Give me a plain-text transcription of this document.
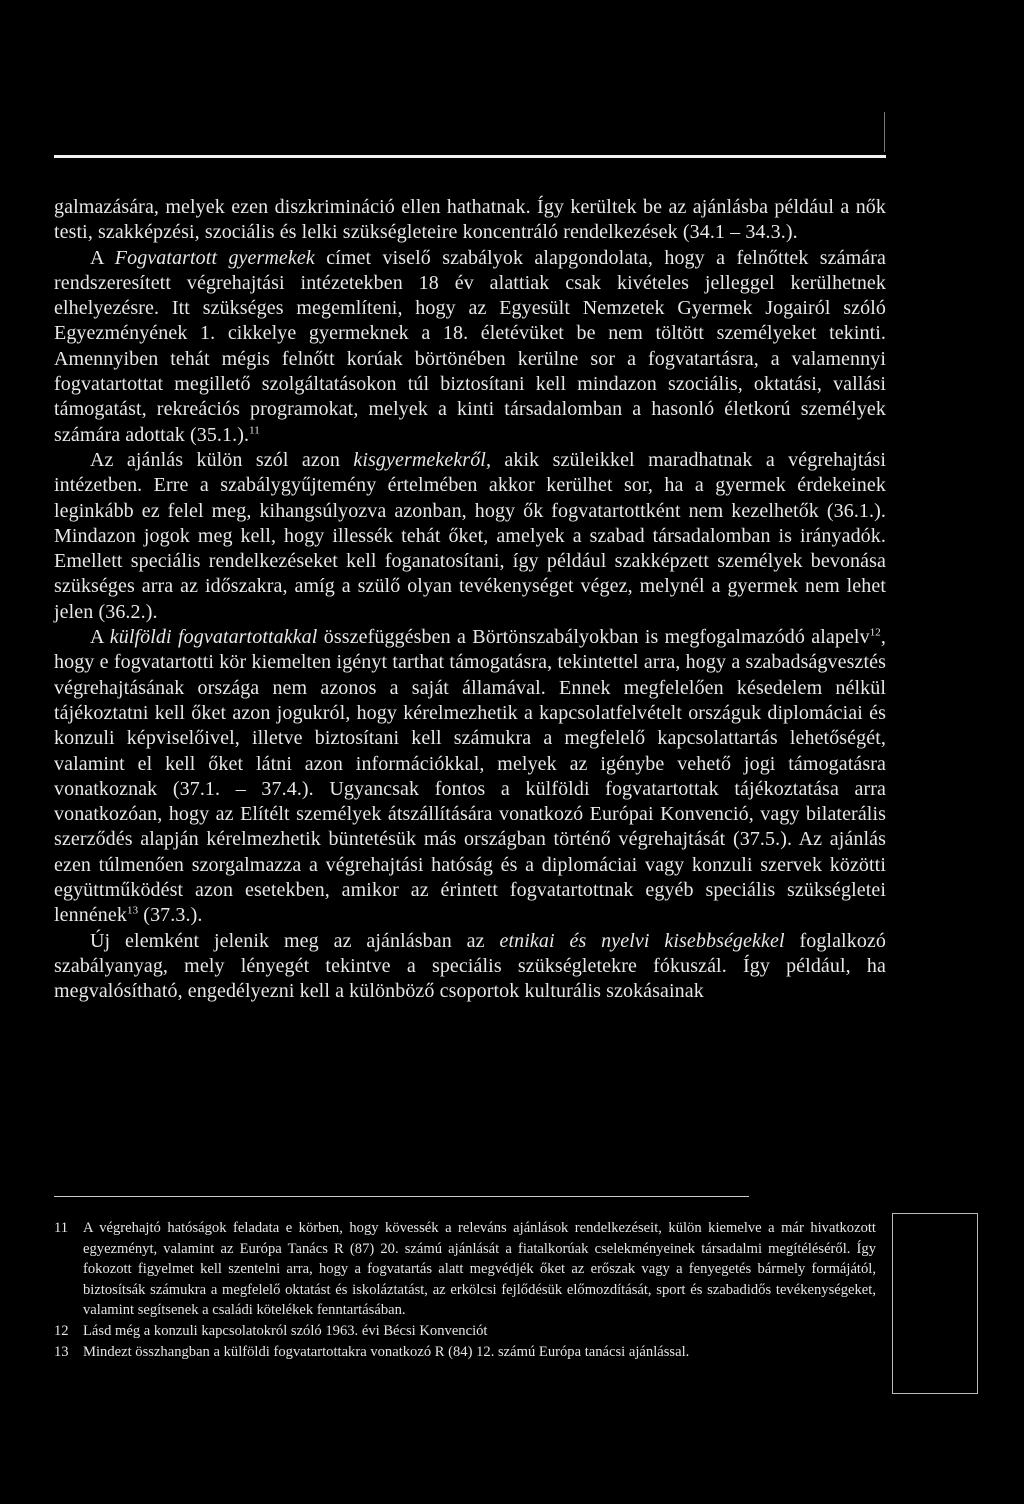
galmazására, melyek ezen diszkrimináció ellen hathatnak. Így kerültek be az ajánlásba például a nők testi, szakképzési, szociális és lelki szükségleteire koncentráló rendelkezések (34.1 – 34.3.).

A Fogvatartott gyermekek címet viselő szabályok alapgondolata, hogy a felnőttek számára rendszeresített végrehajtási intézetekben 18 év alattiak csak kivételes jelleggel kerülhetnek elhelyezésre. Itt szükséges megemlíteni, hogy az Egyesült Nemzetek Gyermek Jogairól szóló Egyezményének 1. cikkelye gyermeknek a 18. életévüket be nem töltött személyeket tekinti. Amennyiben tehát mégis felnőtt korúak börtönében kerülne sor a fogvatartásra, a valamennyi fogvatartottat megillető szolgáltatásokon túl biztosítani kell mindazon szociális, oktatási, vallási támogatást, rekreációs programokat, melyek a kinti társadalomban a hasonló életkorú személyek számára adottak (35.1.).$^{11}$

Az ajánlás külön szól azon kisgyermekekről, akik szüleikkel maradhatnak a végrehajtási intézetben. Erre a szabálygyűjtemény értelmében akkor kerülhet sor, ha a gyermek érdekeinek leginkább ez felel meg, kihangsúlyozva azonban, hogy ők fogvatartottként nem kezelhetők (36.1.). Mindazon jogok meg kell, hogy illessék tehát őket, amelyek a szabad társadalomban is irányadók. Emellett speciális rendelkezéseket kell foganatosítani, így például szakképzett személyek bevonása szükséges arra az időszakra, amíg a szülő olyan tevékenységet végez, melynél a gyermek nem lehet jelen (36.2.).

A külföldi fogvatartottakkal összefüggésben a Börtönszabályokban is megfogalmazódó alapelv$^{12}$, hogy e fogvatartotti kör kiemelten igényt tarthat támogatásra, tekintettel arra, hogy a szabadságvesztés végrehajtásának országa nem azonos a saját államával. Ennek megfelelően késedelem nélkül tájékoztatni kell őket azon jogukról, hogy kérelmezhetik a kapcsolatfelvételt országuk diplomáciai és konzuli képviselőivel, illetve biztosítani kell számukra a megfelelő kapcsolattartás lehetőségét, valamint el kell őket látni azon információkkal, melyek az igénybe vehető jogi támogatásra vonatkoznak (37.1. – 37.4.). Ugyancsak fontos a külföldi fogvatartottak tájékoztatása arra vonatkozóan, hogy az Elítélt személyek átszállítására vonatkozó Európai Konvenció, vagy bilaterális szerződés alapján kérelmezhetik büntetésük más országban történő végrehajtását (37.5.). Az ajánlás ezen túlmenően szorgalmazza a végrehajtási hatóság és a diplomáciai vagy konzuli szervek közötti együttműködést azon esetekben, amikor az érintett fogvatartottnak egyéb speciális szükségletei lennének$^{13}$ (37.3.).

Új elemként jelenik meg az ajánlásban az etnikai és nyelvi kisebbségekkel foglalkozó szabályanyag, mely lényegét tekintve a speciális szükségletekre fókuszál. Így például, ha megvalósítható, engedélyezni kell a különböző csoportok kulturális szokásainak

11	A végrehajtó hatóságok feladata e körben, hogy kövessék a releváns ajánlások rendelkezéseit, külön kiemelve a már hivatkozott egyezményt, valamint az Európa Tanács R (87) 20. számú ajánlását a fiatalkorúak cselekményeinek társadalmi megítéléséről. Így fokozott figyelmet kell szentelni arra, hogy a fogvatartás alatt megvédjék őket az erőszak vagy a fenyegetés bármely formájától, biztosítsák számukra a megfelelő oktatást és iskoláztatást, az erkölcsi fejlődésük előmozdítását, sport és szabadidős tevékenységeket, valamint segítsenek a családi kötelékek fenntartásában.
12 Lásd még a konzuli kapcsolatokról szóló 1963. évi Bécsi Konvenciót
13 Mindezt összhangban a külföldi fogvatartottakra vonatkozó R (84) 12. számú Európa tanácsi ajánlással.
